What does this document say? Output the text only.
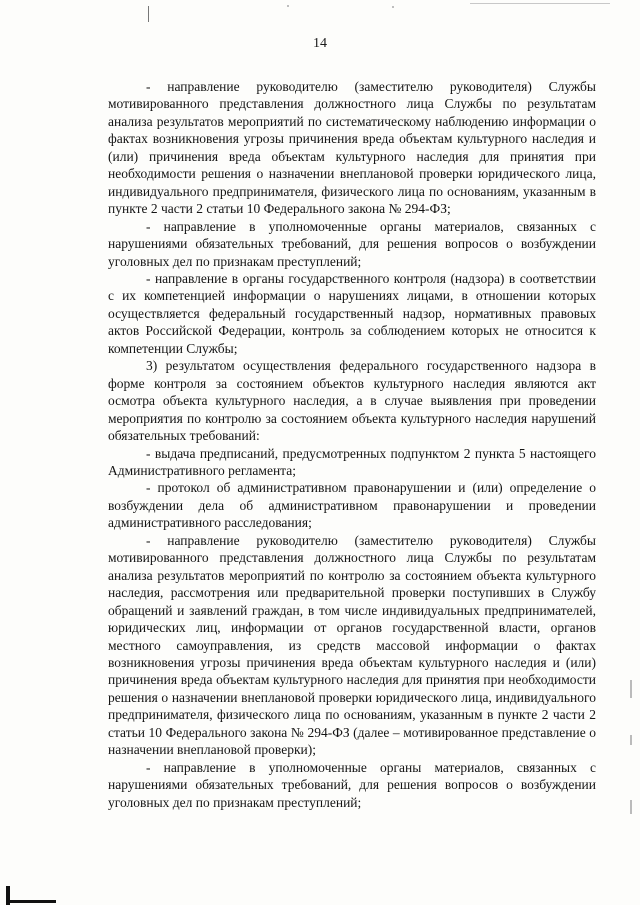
14

- направление руководителю (заместителю руководителя) Службы мотивированного представления должностного лица Службы по результатам анализа результатов мероприятий по систематическому наблюдению информации о фактах возникновения угрозы причинения вреда объектам культурного наследия и (или) причинения вреда объектам культурного наследия для принятия при необходимости решения о назначении внеплановой проверки юридического лица, индивидуального предпринимателя, физического лица по основаниям, указанным в пункте 2 части 2 статьи 10 Федерального закона № 294-ФЗ;

- направление в уполномоченные органы материалов, связанных с нарушениями обязательных требований, для решения вопросов о возбуждении уголовных дел по признакам преступлений;

- направление в органы государственного контроля (надзора) в соответствии с их компетенцией информации о нарушениях лицами, в отношении которых осуществляется федеральный государственный надзор, нормативных правовых актов Российской Федерации, контроль за соблюдением которых не относится к компетенции Службы;

3) результатом осуществления федерального государственного надзора в форме контроля за состоянием объектов культурного наследия являются акт осмотра объекта культурного наследия, а в случае выявления при проведении мероприятия по контролю за состоянием объекта культурного наследия нарушений обязательных требований:

- выдача предписаний, предусмотренных подпунктом 2 пункта 5 настоящего Административного регламента;

- протокол об административном правонарушении и (или) определение о возбуждении дела об административном правонарушении и проведении административного расследования;

- направление руководителю (заместителю руководителя) Службы мотивированного представления должностного лица Службы по результатам анализа результатов мероприятий по контролю за состоянием объекта культурного наследия, рассмотрения или предварительной проверки поступивших в Службу обращений и заявлений граждан, в том числе индивидуальных предпринимателей, юридических лиц, информации от органов государственной власти, органов местного самоуправления, из средств массовой информации о фактах возникновения угрозы причинения вреда объектам культурного наследия и (или) причинения вреда объектам культурного наследия для принятия при необходимости решения о назначении внеплановой проверки юридического лица, индивидуального предпринимателя, физического лица по основаниям, указанным в пункте 2 части 2 статьи 10 Федерального закона № 294-ФЗ (далее – мотивированное представление о назначении внеплановой проверки);

- направление в уполномоченные органы материалов, связанных с нарушениями обязательных требований, для решения вопросов о возбуждении уголовных дел по признакам преступлений;
